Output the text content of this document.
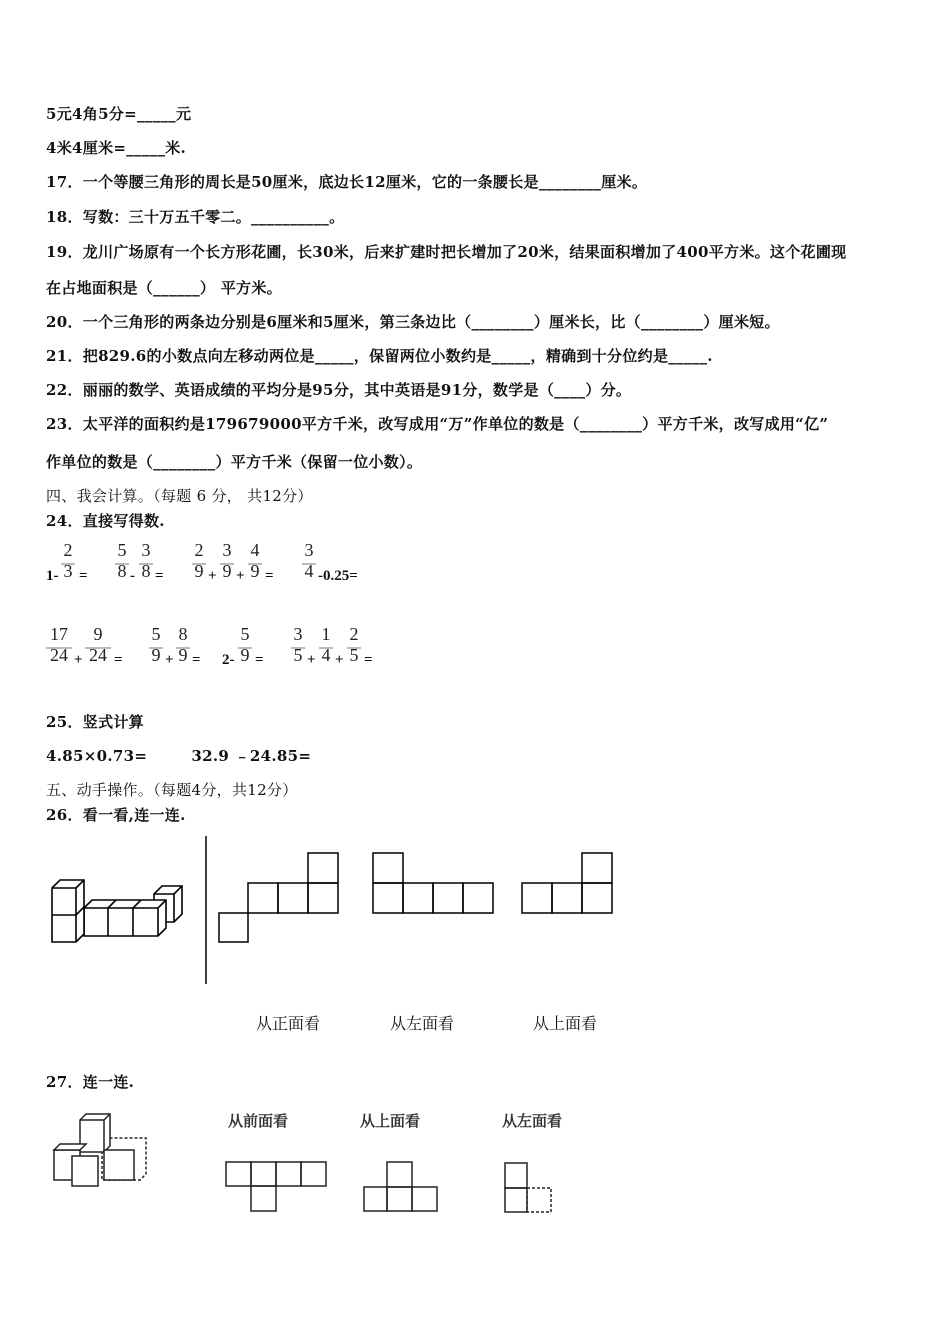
5元4角5分=_____元
4米4厘米=_____米.
17．一个等腰三角形的周长是50厘米，底边长12厘米，它的一条腰长是________厘米。
18．写数：三十万五千零二。__________。
19．龙川广场原有一个长方形花圃，长30米，后来扩建时把长增加了20米，结果面积增加了400平方米。这个花圃现
在占地面积是（______） 平方米。
20．一个三角形的两条边分别是6厘米和5厘米，第三条边比（________）厘米长，比（________）厘米短。
21．把829.6的小数点向左移动两位是_____，保留两位小数约是_____，精确到十分位约是_____.
22．丽丽的数学、英语成绩的平均分是95分，其中英语是91分，数学是（____）分。
23．太平洋的面积约是179679000平方千米，改写成用“万”作单位的数是（________）平方千米，改写成用“亿”
作单位的数是（________）平方千米（保留一位小数）。
四、我会计算。（每题 6 分， 共12分）
24．直接写得数.
1-
2
3 =
5
8 -
3
8 =
2
9 +
3
9 +
4
9 =
3
4 -0.25=
17
24 +
9
24 =
5
9 +
8
9 = 2-
5
9 =
3
5 +
1
4 +
2
5 =
25．竖式计算
4.85×0.73=        32.9 ﹣24.85=
五、动手操作。（每题4分，共12分）
26．看一看,连一连.
从正面看	从左面看	从上面看
27．连一连.
从前面看	从上面看	从左面看
